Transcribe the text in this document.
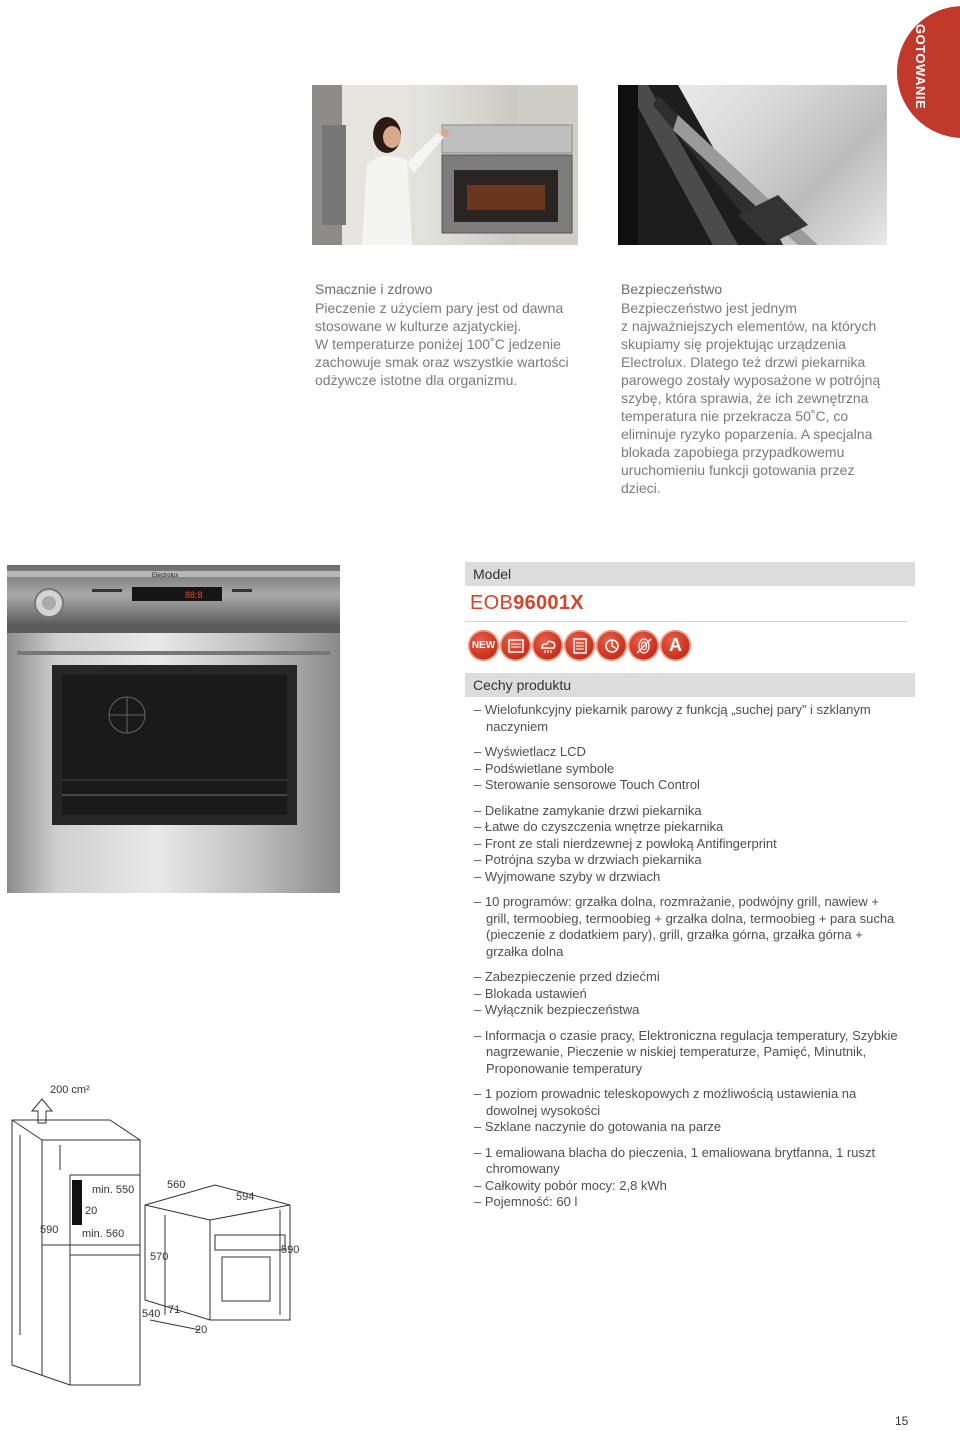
GOTOWANIE

Smacznie i zdrowo

Pieczenie z użyciem pary jest od dawna
stosowane w kulturze azjatyckiej.
W temperaturze poniżej 100˚C jedzenie
zachowuje smak oraz wszystkie wartości
odżywcze istotne dla organizmu.

Bezpieczeństwo

Bezpieczeństwo jest jednym
z najważniejszych elementów, na których
skupiamy się projektując urządzenia
Electrolux. Dlatego też drzwi piekarnika
parowego zostały wyposażone w potrójną
szybę, która sprawia, że ich zewnętrzna
temperatura nie przekracza 50˚C, co
eliminuje ryzyko poparzenia. A specjalna
blokada zapobiega przypadkowemu
uruchomieniu funkcji gotowania przez
dzieci.

Electrolux
88:8
Model
EOB96001X
NEW	A
Cechy produktu
– Wielofunkcyjny piekarnik parowy z funkcją „suchej pary” i szklanym naczyniem
– Wyświetlacz LCD
– Podświetlane symbole
– Sterowanie sensorowe Touch Control
– Delikatne zamykanie drzwi piekarnika
– Łatwe do czyszczenia wnętrze piekarnika
– Front ze stali nierdzewnej z powłoką Antifingerprint
– Potrójna szyba w drzwiach piekarnika
– Wyjmowane szyby w drzwiach
– 10 programów: grzałka dolna, rozmrażanie, podwójny grill, nawiew + grill, termoobieg, termoobieg + grzałka dolna, termoobieg + para sucha (pieczenie z dodatkiem pary), grill, grzałka górna, grzałka górna + grzałka dolna
– Zabezpieczenie przed dziećmi
– Blokada ustawień
– Wyłącznik bezpieczeństwa
– Informacja o czasie pracy, Elektroniczna regulacja temperatury, Szybkie nagrzewanie, Pieczenie w niskiej temperaturze, Pamięć, Minutnik, Proponowanie temperatury
– 1 poziom prowadnic teleskopowych z możliwością ustawienia na dowolnej wysokości
– Szklane naczynie do gotowania na parze
– 1 emaliowana blacha do pieczenia, 1 emaliowana brytfanna, 1 ruszt chromowany
– Całkowity pobór mocy: 2,8 kWh
– Pojemność: 60 l
200 cm²
590
min. 550
20
min. 560
560
594
570
590
540 71
20
15
